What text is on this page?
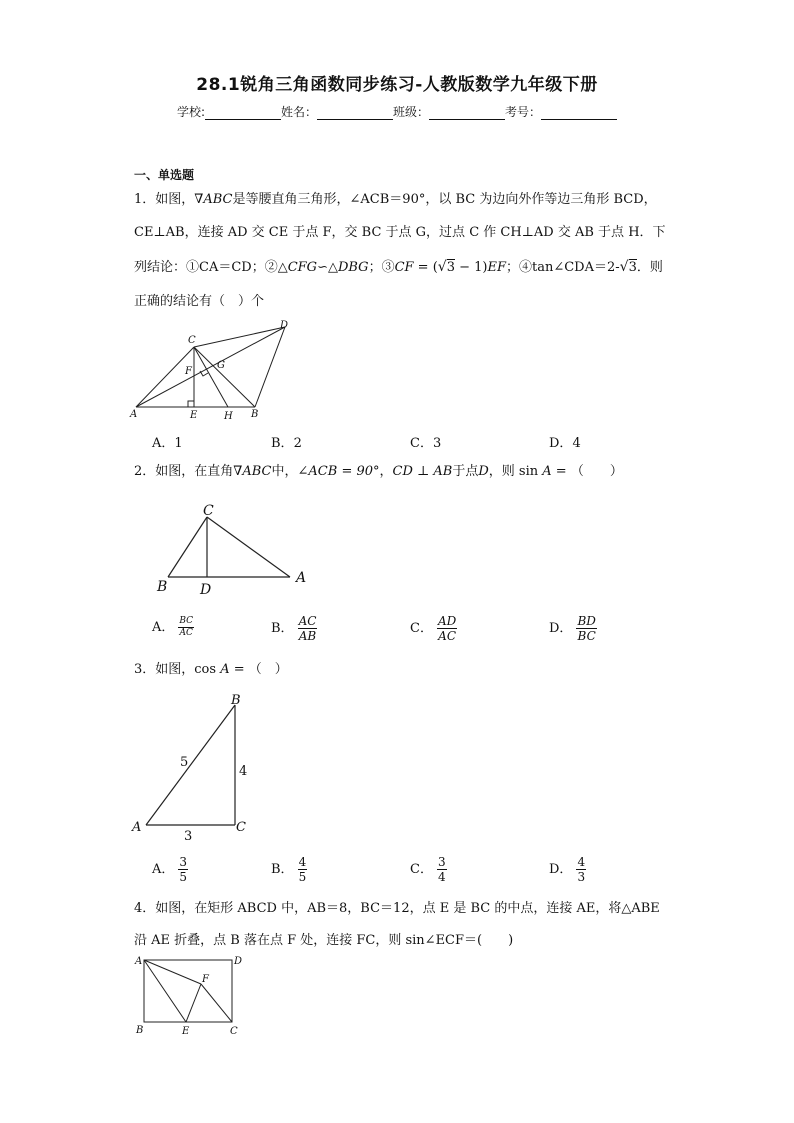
28.1锐角三角函数同步练习-人教版数学九年级下册
学校:	姓名：	班级：	考号：
一、单选题
1．如图，∇ABC是等腰直角三角形，∠ACB＝90°，以 BC 为边向外作等边三角形 BCD，
CE⊥AB，连接 AD 交 CE 于点 F，交 BC 于点 G，过点 C 作 CH⊥AD 交 AB 于点 H．下
列结论：①CA＝CD；②△CFG∽△DBG；③CF = (√3 − 1)EF；④tan∠CDA＝2-√3．则
正确的结论有（　）个
C
D
F
G
A	E	H B
A．1	B．2	C．3	D．4
2．如图，在直角∇ABC中，∠ACB = 90°，CD ⊥ AB于点D，则 sin A = （　　）
C
B D
A
A． $\frac{BC}{AC}$	B． $\frac{AC}{AB}$	C． $\frac{AD}{AC}$	D． $\frac{BD}{BC}$
3．如图，cos A = （　）
B
A	C
5
4
3
A． $\frac{3}{5}$	B． $\frac{4}{5}$	C． $\frac{3}{4}$	D． $\frac{4}{3}$
4．如图，在矩形 ABCD 中，AB＝8，BC＝12，点 E 是 BC 的中点，连接 AE，将△ABE
沿 AE 折叠，点 B 落在点 F 处，连接 FC，则 sin∠ECF＝(　　)
A	D
F
B	E	C
